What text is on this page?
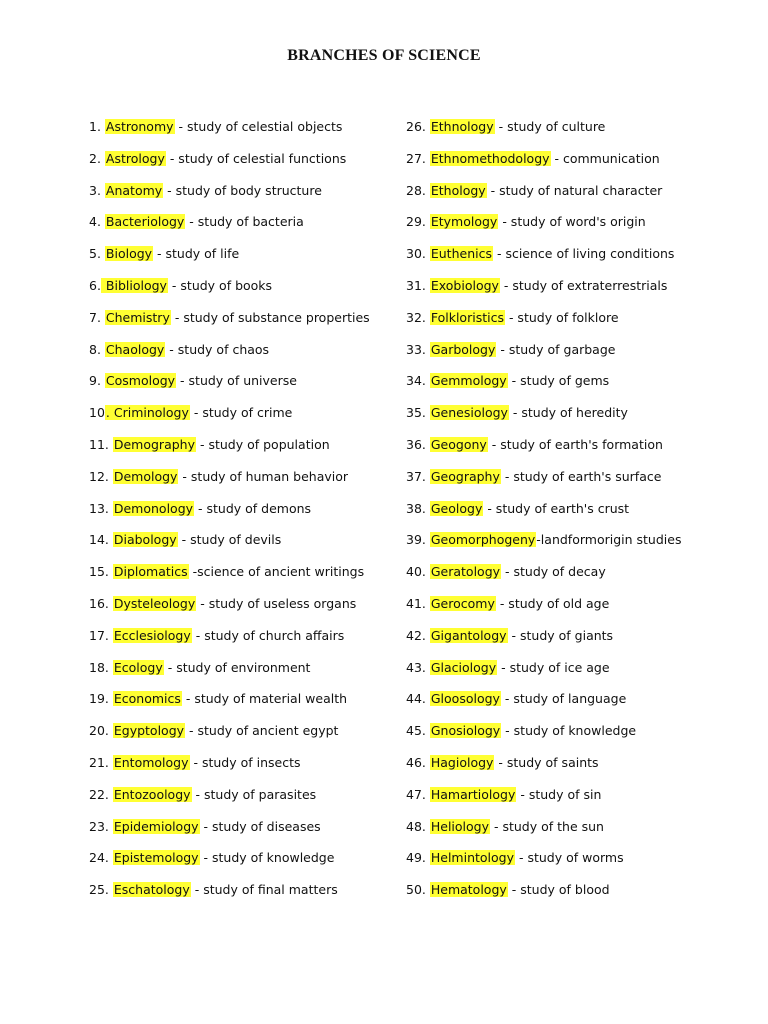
BRANCHES OF SCIENCE
1. Astronomy - study of celestial objects
2. Astrology - study of celestial functions
3. Anatomy - study of body structure
4. Bacteriology - study of bacteria
5. Biology - study of life
6. Bibliology - study of books
7. Chemistry - study of substance properties
8. Chaology - study of chaos
9. Cosmology - study of universe
10. Criminology - study of crime
11. Demography - study of population
12. Demology - study of human behavior
13. Demonology - study of demons
14. Diabology - study of devils
15. Diplomatics -science of ancient writings
16. Dysteleology - study of useless organs
17. Ecclesiology - study of church affairs
18. Ecology - study of environment
19. Economics - study of material wealth
20. Egyptology - study of ancient egypt
21. Entomology - study of insects
22. Entozoology - study of parasites
23. Epidemiology - study of diseases
24. Epistemology - study of knowledge
25. Eschatology - study of final matters
26. Ethnology - study of culture
27. Ethnomethodology - communication
28. Ethology - study of natural character
29. Etymology - study of word's origin
30. Euthenics - science of living conditions
31. Exobiology - study of extraterrestrials
32. Folkloristics - study of folklore
33. Garbology - study of garbage
34. Gemmology - study of gems
35. Genesiology - study of heredity
36. Geogony - study of earth's formation
37. Geography - study of earth's surface
38. Geology - study of earth's crust
39. Geomorphogeny-landformorigin studies
40. Geratology - study of decay
41. Gerocomy - study of old age
42. Gigantology - study of giants
43. Glaciology - study of ice age
44. Gloosology - study of language
45. Gnosiology - study of knowledge
46. Hagiology - study of saints
47. Hamartiology - study of sin
48. Heliology - study of the sun
49. Helmintology - study of worms
50. Hematology - study of blood
